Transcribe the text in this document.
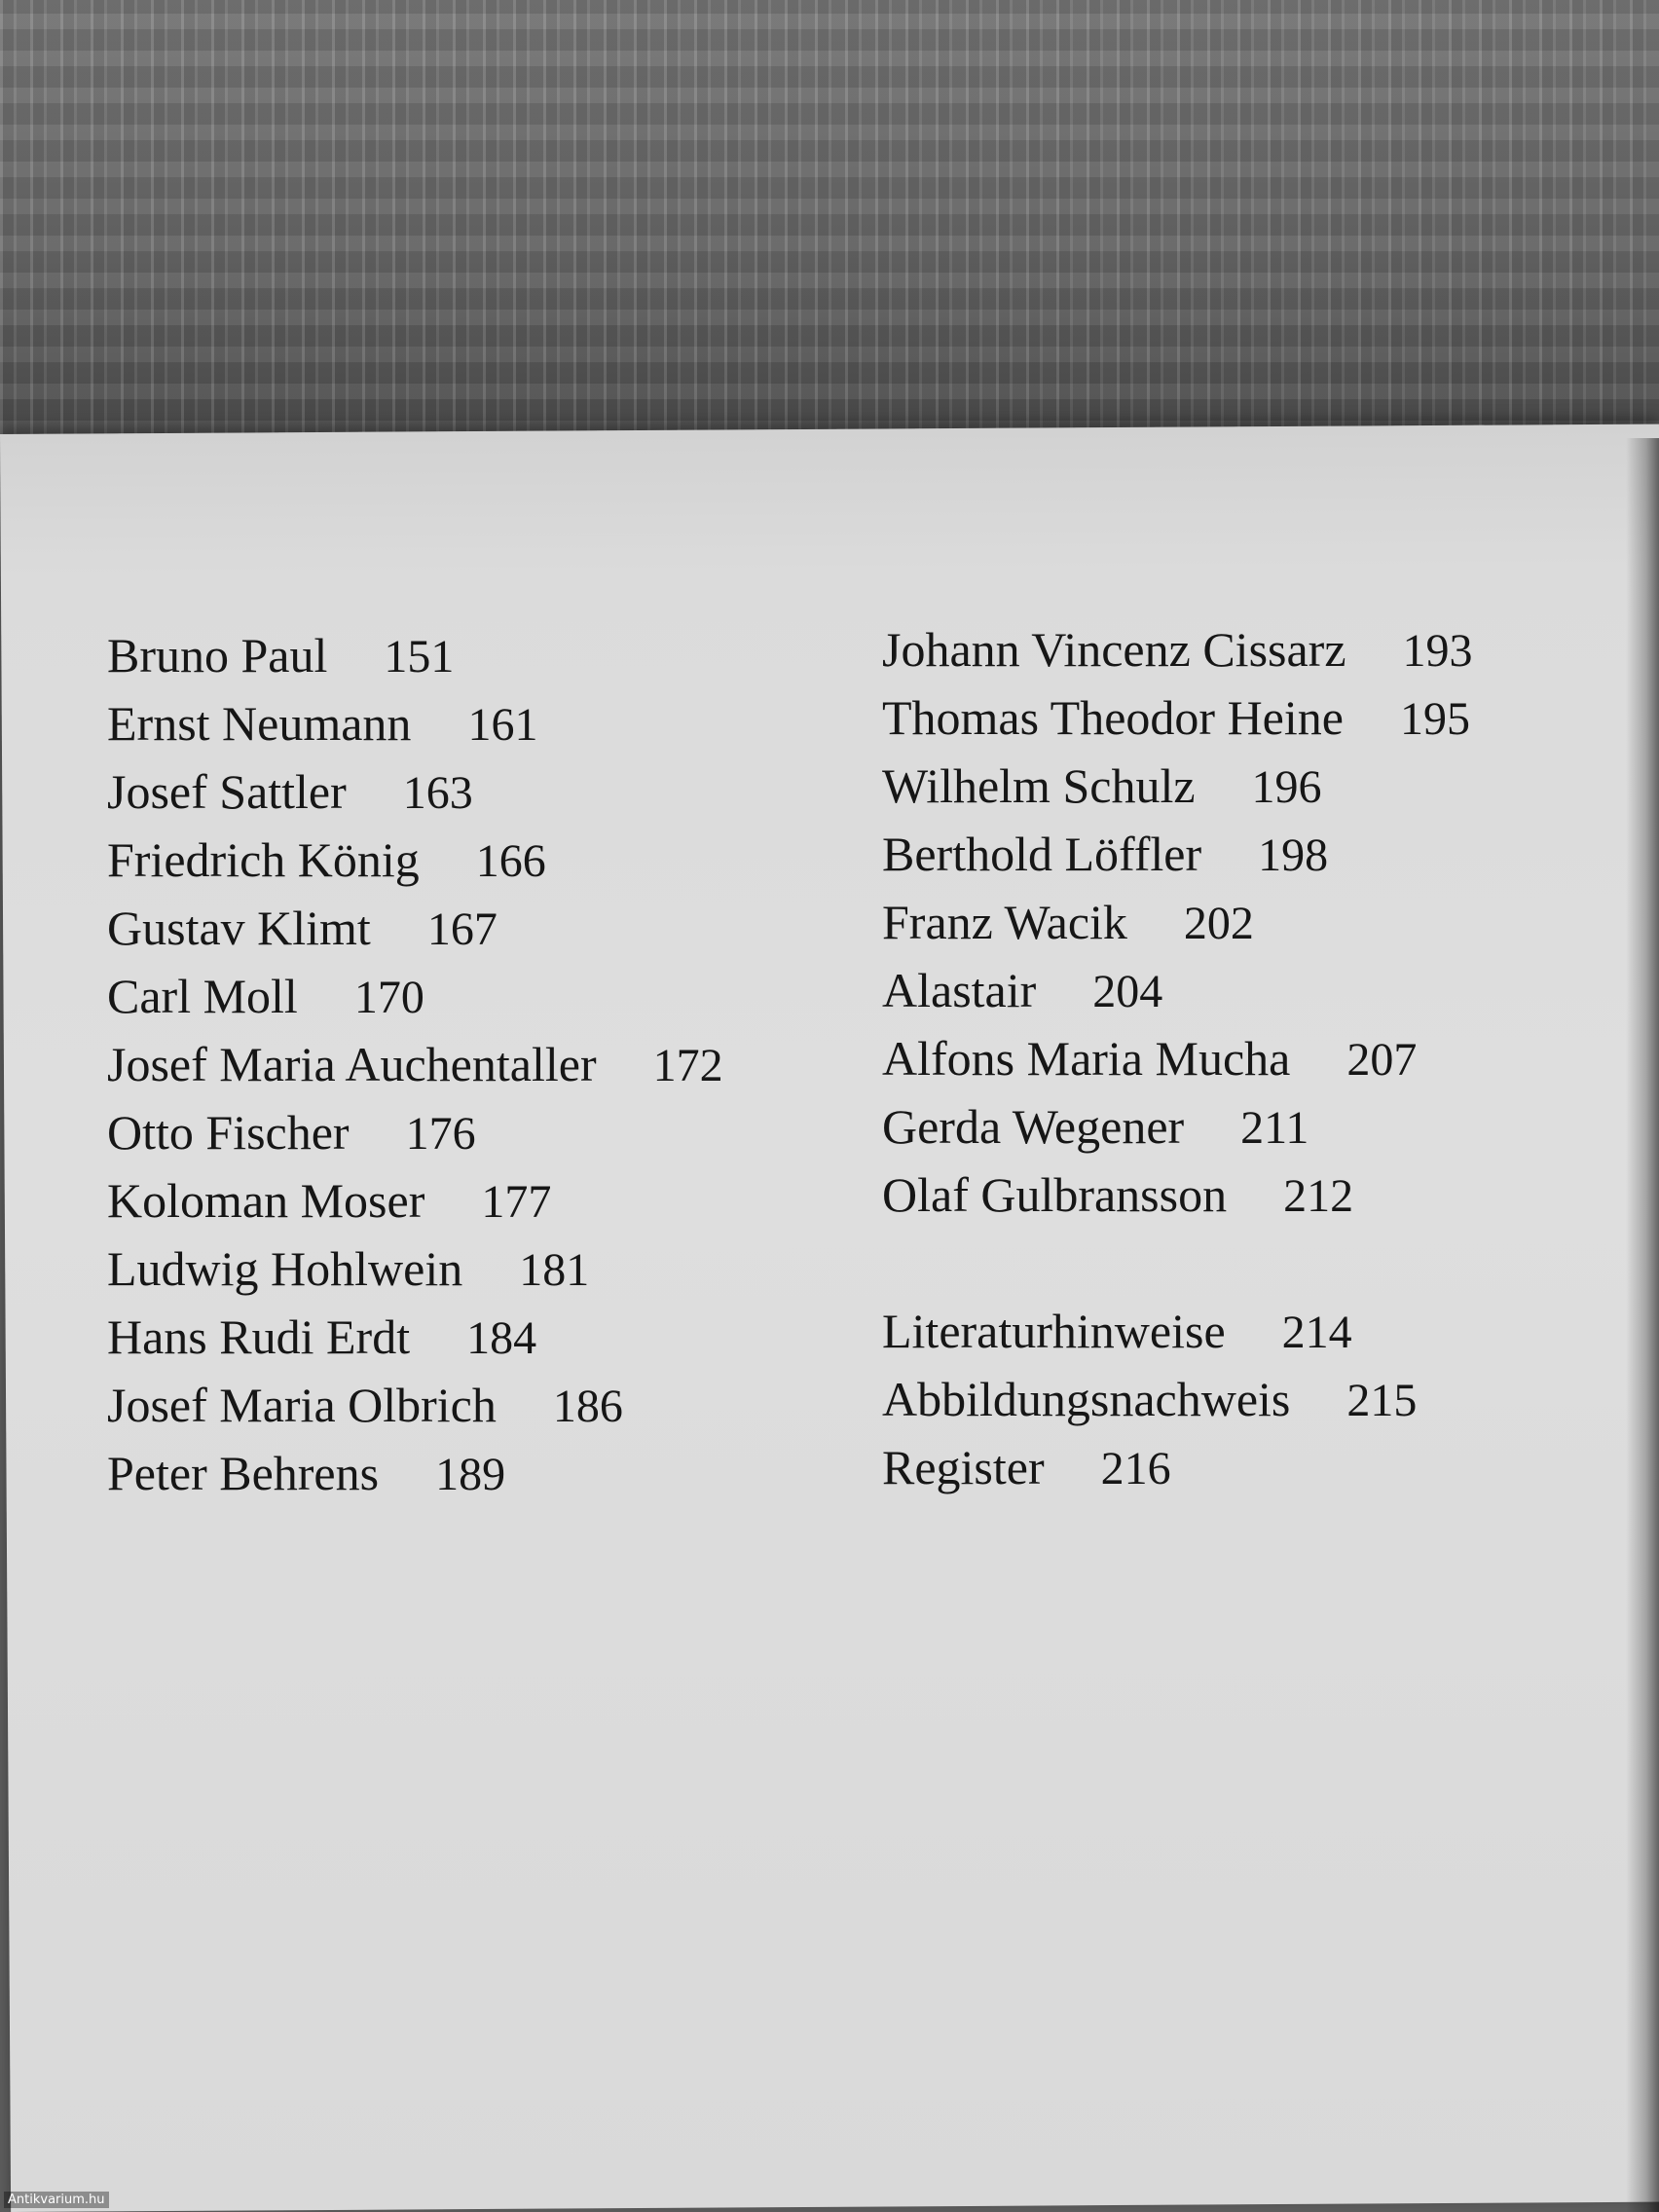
Bruno Paul 151
Ernst Neumann 161
Josef Sattler 163
Friedrich König 166
Gustav Klimt 167
Carl Moll 170
Josef Maria Auchentaller 172
Otto Fischer 176
Koloman Moser 177
Ludwig Hohlwein 181
Hans Rudi Erdt 184
Josef Maria Olbrich 186
Peter Behrens 189
Johann Vincenz Cissarz 193
Thomas Theodor Heine 195
Wilhelm Schulz 196
Berthold Löffler 198
Franz Wacik 202
Alastair 204
Alfons Maria Mucha 207
Gerda Wegener 211
Olaf Gulbransson 212
Literaturhinweise 214
Abbildungsnachweis 215
Register 216
Antikvarium.hu
